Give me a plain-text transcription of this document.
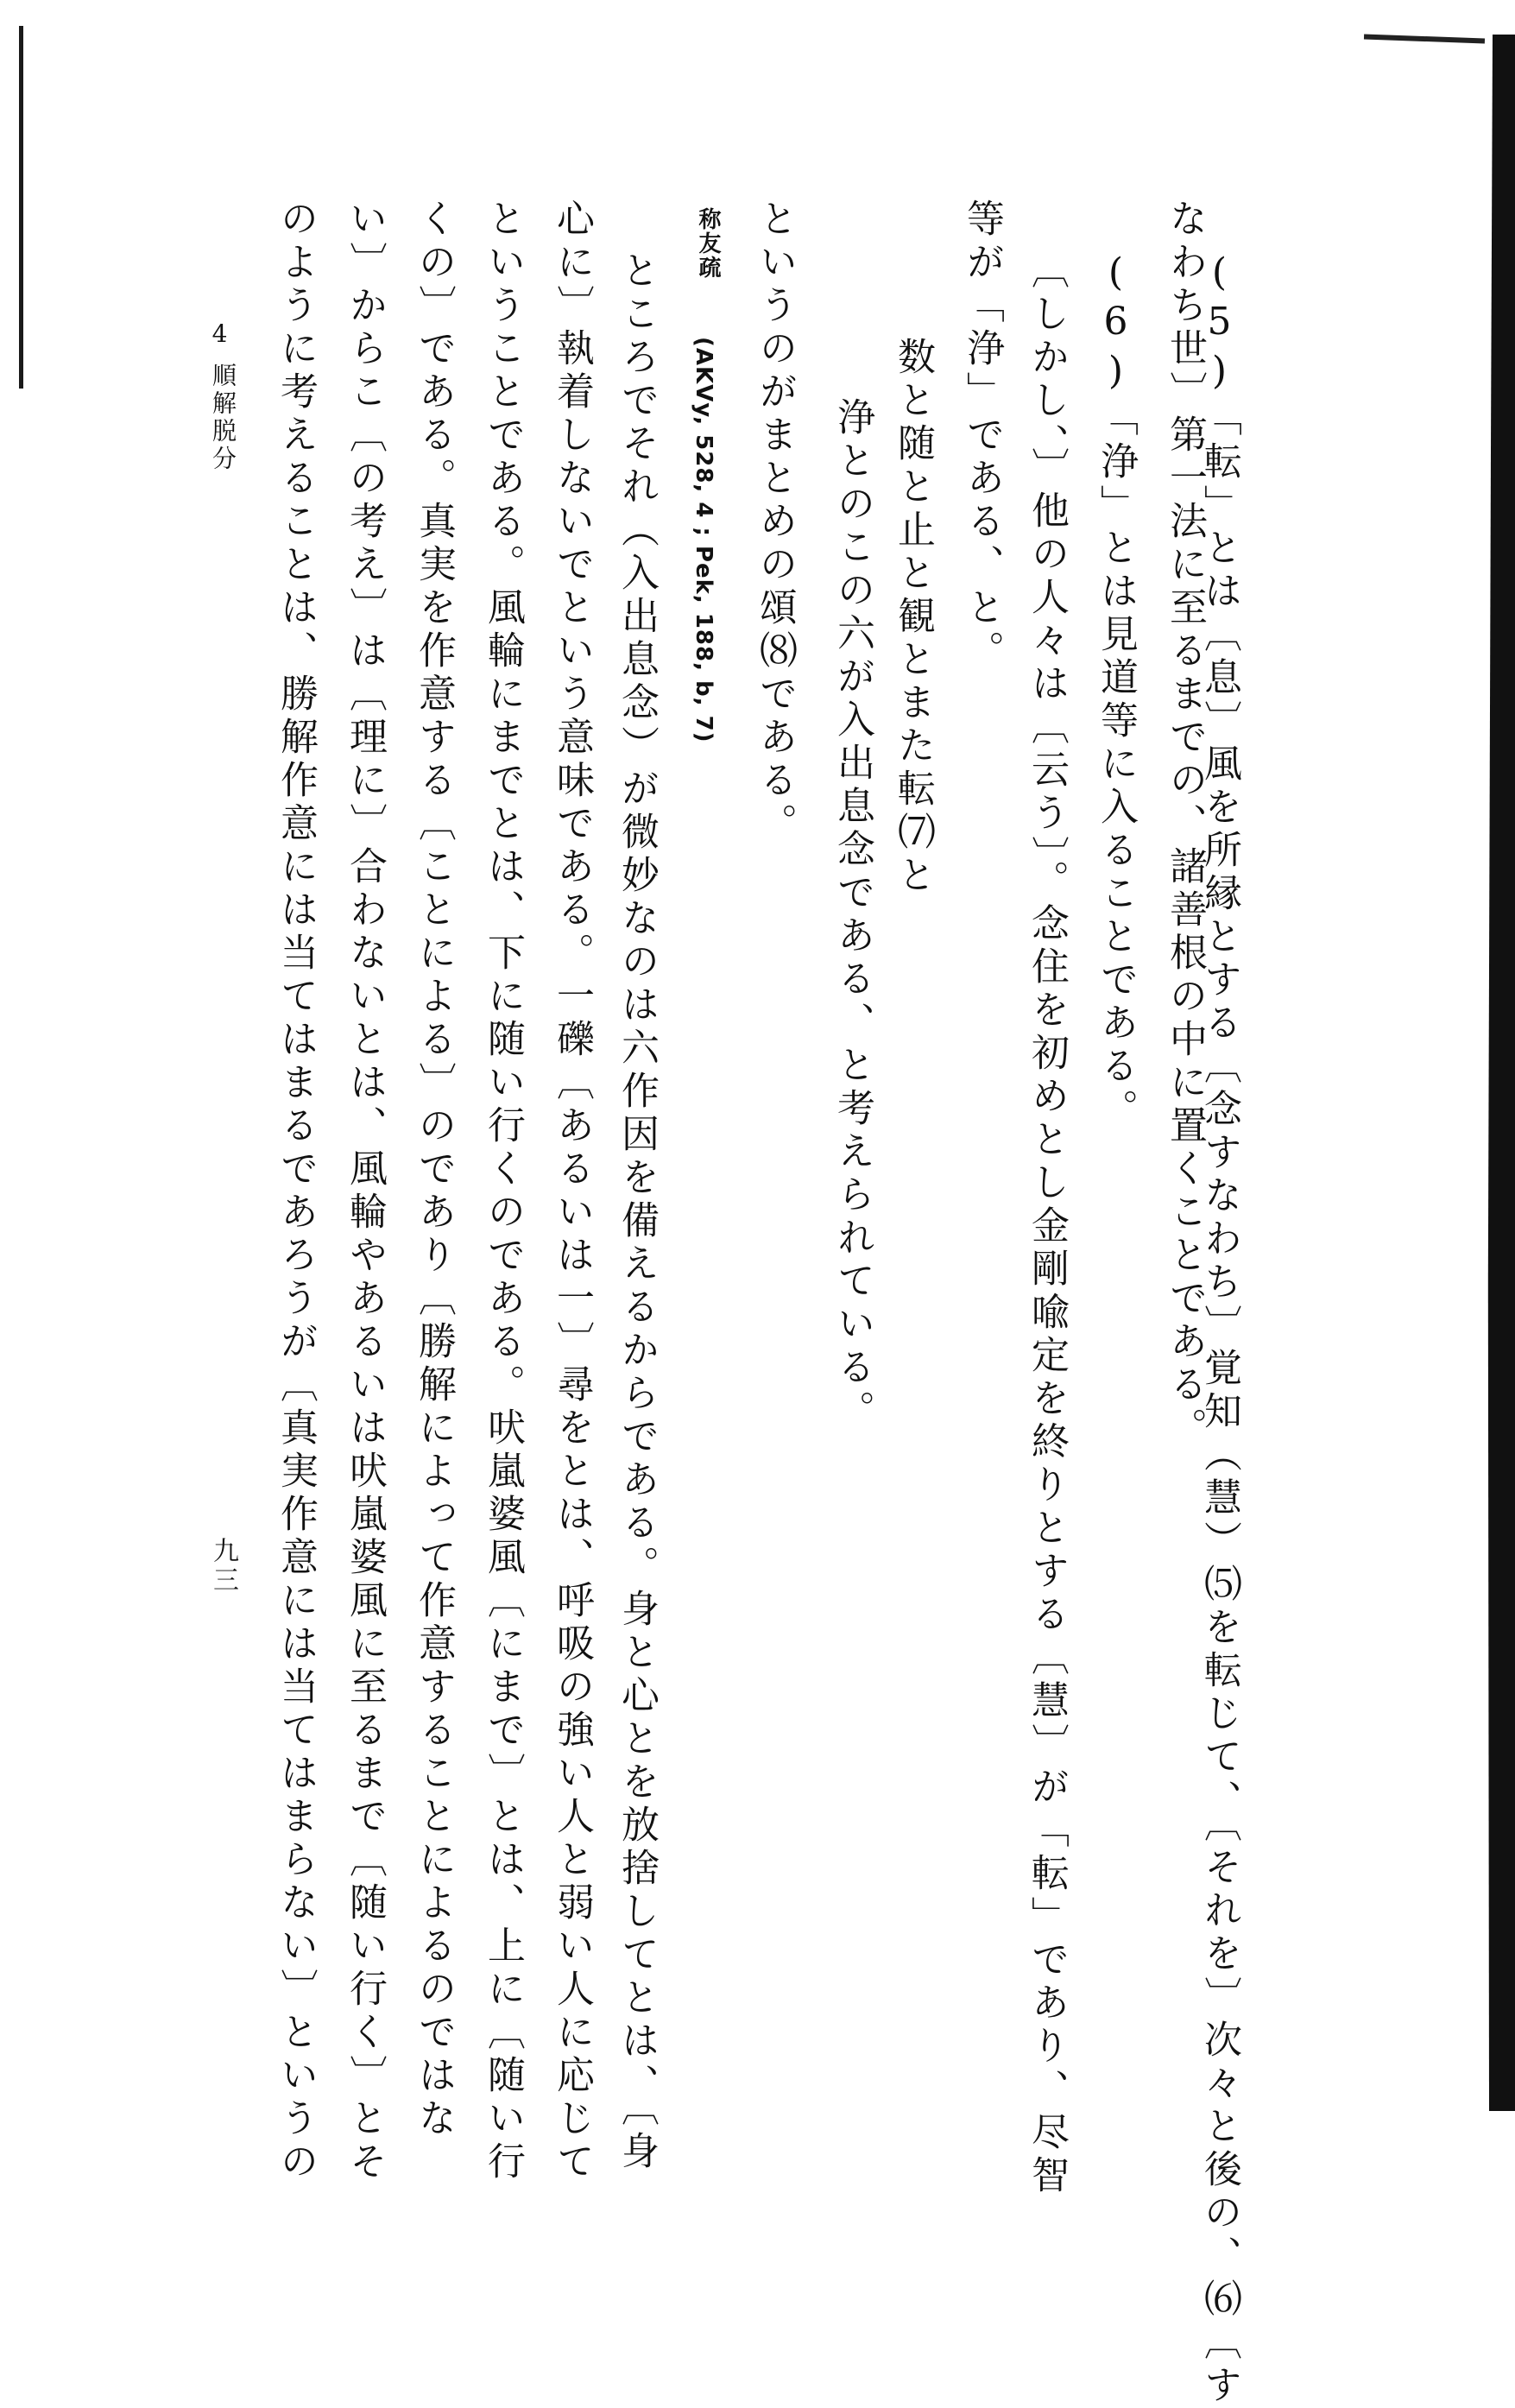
(5)「転」とは〔息〕風を所縁とする〔念すなわち〕覚知（慧）⑸を転じて、〔それを〕次々と後の、⑹〔す
なわち世〕第一法に至るまでの、諸善根の中に置くことである。
(6)「浄」とは見道等に入ることである。
〔しかし、〕他の人々は〔云う〕。念住を初めとし金剛喩定を終りとする〔慧〕が「転」であり、尽智
等が「浄」である、と。
数と随と止と観とまた転⑺と
浄とのこの六が入出息念である、と考えられている。
というのがまとめの頌⑻である。
称友疏
(AKVy, 528, 4 ; Pek, 188, b, 7)
ところでそれ（入出息念）が微妙なのは六作因を備えるからである。身と心とを放捨してとは、〔身
心に〕執着しないでという意味である。一礫〔あるいは一〕尋をとは、呼吸の強い人と弱い人に応じて
ということである。風輪にまでとは、下に随い行くのである。吠嵐婆風〔にまで〕とは、上に〔随い行
くの〕である。真実を作意する〔ことによる〕のであり〔勝解によって作意することによるのではな
い〕からこ〔の考え〕は〔理に〕合わないとは、風輪やあるいは吠嵐婆風に至るまで〔随い行く〕とそ
のように考えることは、勝解作意には当てはまるであろうが〔真実作意には当てはまらない〕というの
4
順解脱分
九三
